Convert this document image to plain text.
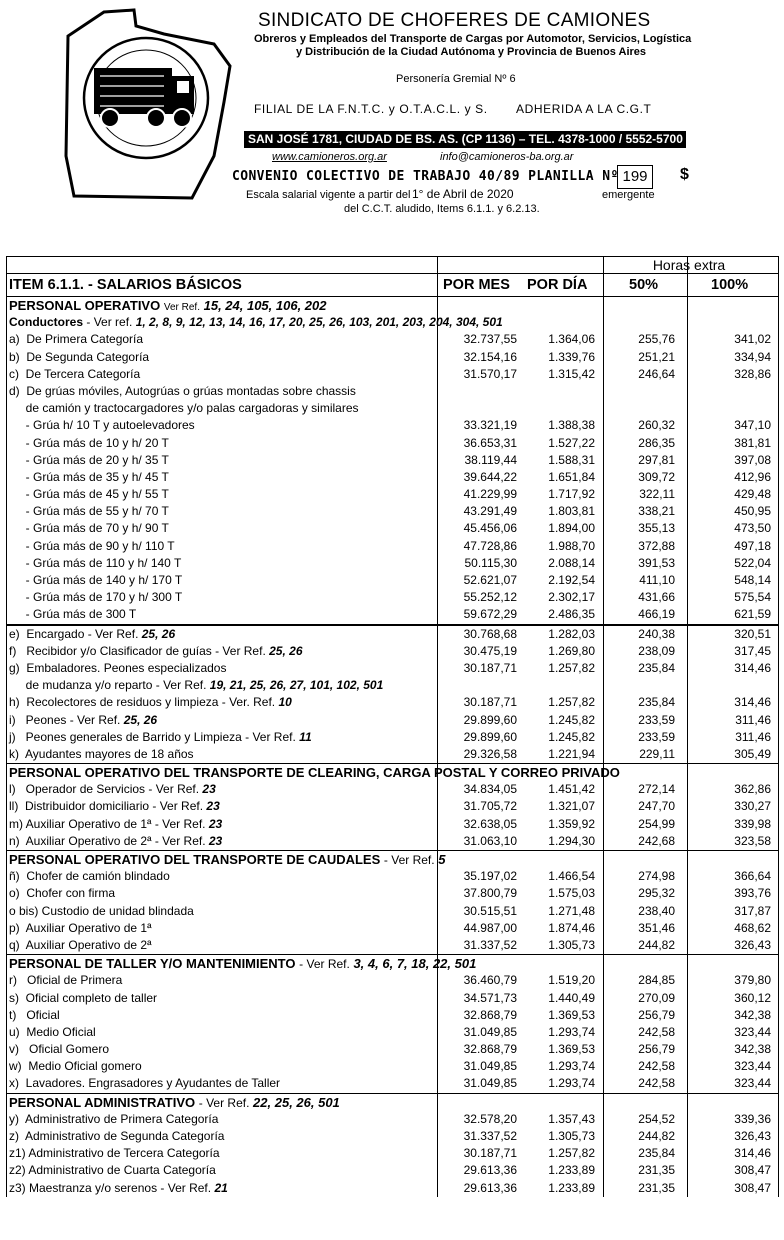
SINDICATO DE CHOFERES DE CAMIONES
Obreros y Empleados del Transporte de Cargas por Automotor, Servicios, Logística
y Distribución de la Ciudad Autónoma y Provincia de Buenos Aires
Personería Gremial Nº 6
FILIAL DE LA F.N.T.C. y O.T.A.C.L. y S. ADHERIDA A LA C.G.T
SAN JOSÉ 1781, CIUDAD DE BS. AS. (CP 1136) – TEL. 4378-1000 / 5552-5700
www.camioneros.org.ar	info@camioneros-ba.org.ar
CONVENIO COLECTIVO DE TRABAJO 40/89 PLANILLA Nº 199	$
Escala salarial vigente a partir del 1° de Abril de 2020	emergente
del C.C.T. aludido, Items 6.1.1. y 6.2.13.
Horas extra
ITEM 6.1.1. - SALARIOS BÁSICOS	POR MES POR DÍA	50%	100%
PERSONAL OPERATIVO Ver Ref. 15, 24, 105, 106, 202
Conductores - Ver ref. 1, 2, 8, 9, 12, 13, 14, 16, 17, 20, 25, 26, 103, 201, 203, 204, 304, 501
a)  De Primera Categoría	32.737,55	1.364,06	255,76	341,02
b)  De Segunda Categoría	32.154,16	1.339,76	251,21	334,94
c)  De Tercera Categoría	31.570,17	1.315,42	246,64	328,86
d)  De grúas móviles, Autogrúas o grúas montadas sobre chassis
de camión y tractocargadores y/o palas cargadoras y similares
- Grúa h/ 10 T y autoelevadores	33.321,19	1.388,38	260,32	347,10
- Grúa más de 10 y h/ 20 T	36.653,31	1.527,22	286,35	381,81
- Grúa más de 20 y h/ 35 T	38.119,44	1.588,31	297,81	397,08
- Grúa más de 35 y h/ 45 T	39.644,22	1.651,84	309,72	412,96
- Grúa más de 45 y h/ 55 T	41.229,99	1.717,92	322,11	429,48
- Grúa más de 55 y h/ 70 T	43.291,49	1.803,81	338,21	450,95
- Grúa más de 70 y h/ 90 T	45.456,06	1.894,00	355,13	473,50
- Grúa más de 90 y h/ 110 T	47.728,86	1.988,70	372,88	497,18
- Grúa más de 110 y h/ 140 T	50.115,30	2.088,14	391,53	522,04
- Grúa más de 140 y h/ 170 T	52.621,07	2.192,54	411,10	548,14
- Grúa más de 170 y h/ 300 T	55.252,12	2.302,17	431,66	575,54
- Grúa más de 300 T	59.672,29	2.486,35	466,19	621,59
e)  Encargado - Ver Ref. 25, 26	30.768,68	1.282,03	240,38	320,51
f)   Recibidor y/o Clasificador de guías - Ver Ref. 25, 26	30.475,19	1.269,80	238,09	317,45
g)  Embaladores. Peones especializados	30.187,71	1.257,82	235,84	314,46
de mudanza y/o reparto - Ver Ref. 19, 21, 25, 26, 27, 101, 102, 501
h)  Recolectores de residuos y limpieza - Ver. Ref. 10	30.187,71	1.257,82	235,84	314,46
i)   Peones - Ver Ref. 25, 26	29.899,60	1.245,82	233,59	311,46
j)   Peones generales de Barrido y Limpieza - Ver Ref. 11	29.899,60	1.245,82	233,59	311,46
k)  Ayudantes mayores de 18 años	29.326,58	1.221,94	229,11	305,49
PERSONAL OPERATIVO DEL TRANSPORTE DE CLEARING, CARGA POSTAL Y CORREO PRIVADO
l)   Operador de Servicios - Ver Ref. 23	34.834,05	1.451,42	272,14	362,86
ll)  Distribuidor domiciliario - Ver Ref. 23	31.705,72	1.321,07	247,70	330,27
m) Auxiliar Operativo de 1ª - Ver Ref. 23	32.638,05	1.359,92	254,99	339,98
n)  Auxiliar Operativo de 2ª - Ver Ref. 23	31.063,10	1.294,30	242,68	323,58
PERSONAL OPERATIVO DEL TRANSPORTE DE CAUDALES - Ver Ref. 5
ñ)  Chofer de camión blindado	35.197,02	1.466,54	274,98	366,64
o)  Chofer con firma	37.800,79	1.575,03	295,32	393,76
o bis) Custodio de unidad blindada	30.515,51	1.271,48	238,40	317,87
p)  Auxiliar Operativo de 1ª	44.987,00	1.874,46	351,46	468,62
q)  Auxiliar Operativo de 2ª	31.337,52	1.305,73	244,82	326,43
PERSONAL DE TALLER Y/O MANTENIMIENTO - Ver Ref. 3, 4, 6, 7, 18, 22, 501
r)   Oficial de Primera	36.460,79	1.519,20	284,85	379,80
s)  Oficial completo de taller	34.571,73	1.440,49	270,09	360,12
t)   Oficial	32.868,79	1.369,53	256,79	342,38
u)  Medio Oficial	31.049,85	1.293,74	242,58	323,44
v)   Oficial Gomero	32.868,79	1.369,53	256,79	342,38
w)  Medio Oficial gomero	31.049,85	1.293,74	242,58	323,44
x)  Lavadores. Engrasadores y Ayudantes de Taller	31.049,85	1.293,74	242,58	323,44
PERSONAL ADMINISTRATIVO - Ver Ref. 22, 25, 26, 501
y)  Administrativo de Primera Categoría	32.578,20	1.357,43	254,52	339,36
z)  Administrativo de Segunda Categoría	31.337,52	1.305,73	244,82	326,43
z1) Administrativo de Tercera Categoría	30.187,71	1.257,82	235,84	314,46
z2) Administrativo de Cuarta Categoría	29.613,36	1.233,89	231,35	308,47
z3) Maestranza y/o serenos - Ver Ref. 21	29.613,36	1.233,89	231,35	308,47
